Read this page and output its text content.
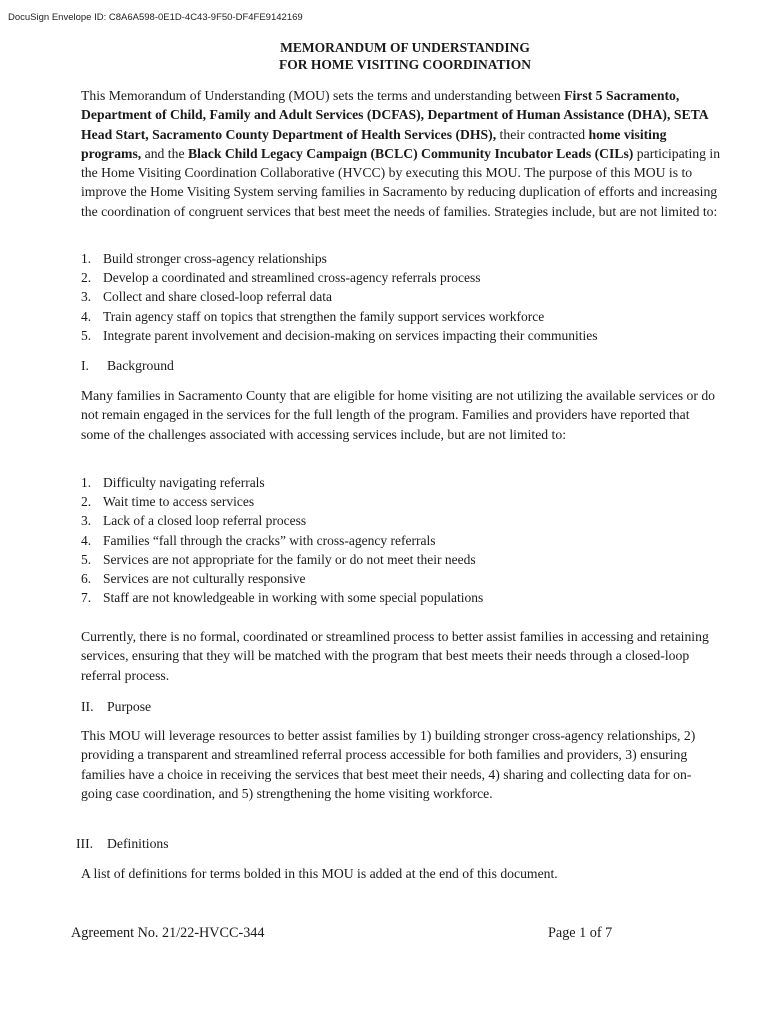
DocuSign Envelope ID: C8A6A598-0E1D-4C43-9F50-DF4FE9142169
MEMORANDUM OF UNDERSTANDING
FOR HOME VISITING COORDINATION

This Memorandum of Understanding (MOU) sets the terms and understanding between First 5 Sacramento, Department of Child, Family and Adult Services (DCFAS), Department of Human Assistance (DHA), SETA Head Start, Sacramento County Department of Health Services (DHS), their contracted home visiting programs, and the Black Child Legacy Campaign (BCLC) Community Incubator Leads (CILs) participating in the Home Visiting Coordination Collaborative (HVCC) by executing this MOU. The purpose of this MOU is to improve the Home Visiting System serving families in Sacramento by reducing duplication of efforts and increasing the coordination of congruent services that best meet the needs of families. Strategies include, but are not limited to:

1. Build stronger cross-agency relationships
2. Develop a coordinated and streamlined cross-agency referrals process
3. Collect and share closed-loop referral data
4. Train agency staff on topics that strengthen the family support services workforce
5. Integrate parent involvement and decision-making on services impacting their communities
I. Background

Many families in Sacramento County that are eligible for home visiting are not utilizing the available services or do not remain engaged in the services for the full length of the program. Families and providers have reported that some of the challenges associated with accessing services include, but are not limited to:

1. Difficulty navigating referrals
2. Wait time to access services
3. Lack of a closed loop referral process
4. Families “fall through the cracks” with cross-agency referrals
5. Services are not appropriate for the family or do not meet their needs
6. Services are not culturally responsive
7. Staff are not knowledgeable in working with some special populations

Currently, there is no formal, coordinated or streamlined process to better assist families in accessing and retaining services, ensuring that they will be matched with the program that best meets their needs through a closed-loop referral process.

II. Purpose

This MOU will leverage resources to better assist families by 1) building stronger cross-agency relationships, 2) providing a transparent and streamlined referral process accessible for both families and providers, 3) ensuring families have a choice in receiving the services that best meet their needs, 4) sharing and collecting data for on-going case coordination, and 5) strengthening the home visiting workforce.

III. Definitions

A list of definitions for terms bolded in this MOU is added at the end of this document.

Agreement No. 21/22-HVCC-344	Page 1 of 7
